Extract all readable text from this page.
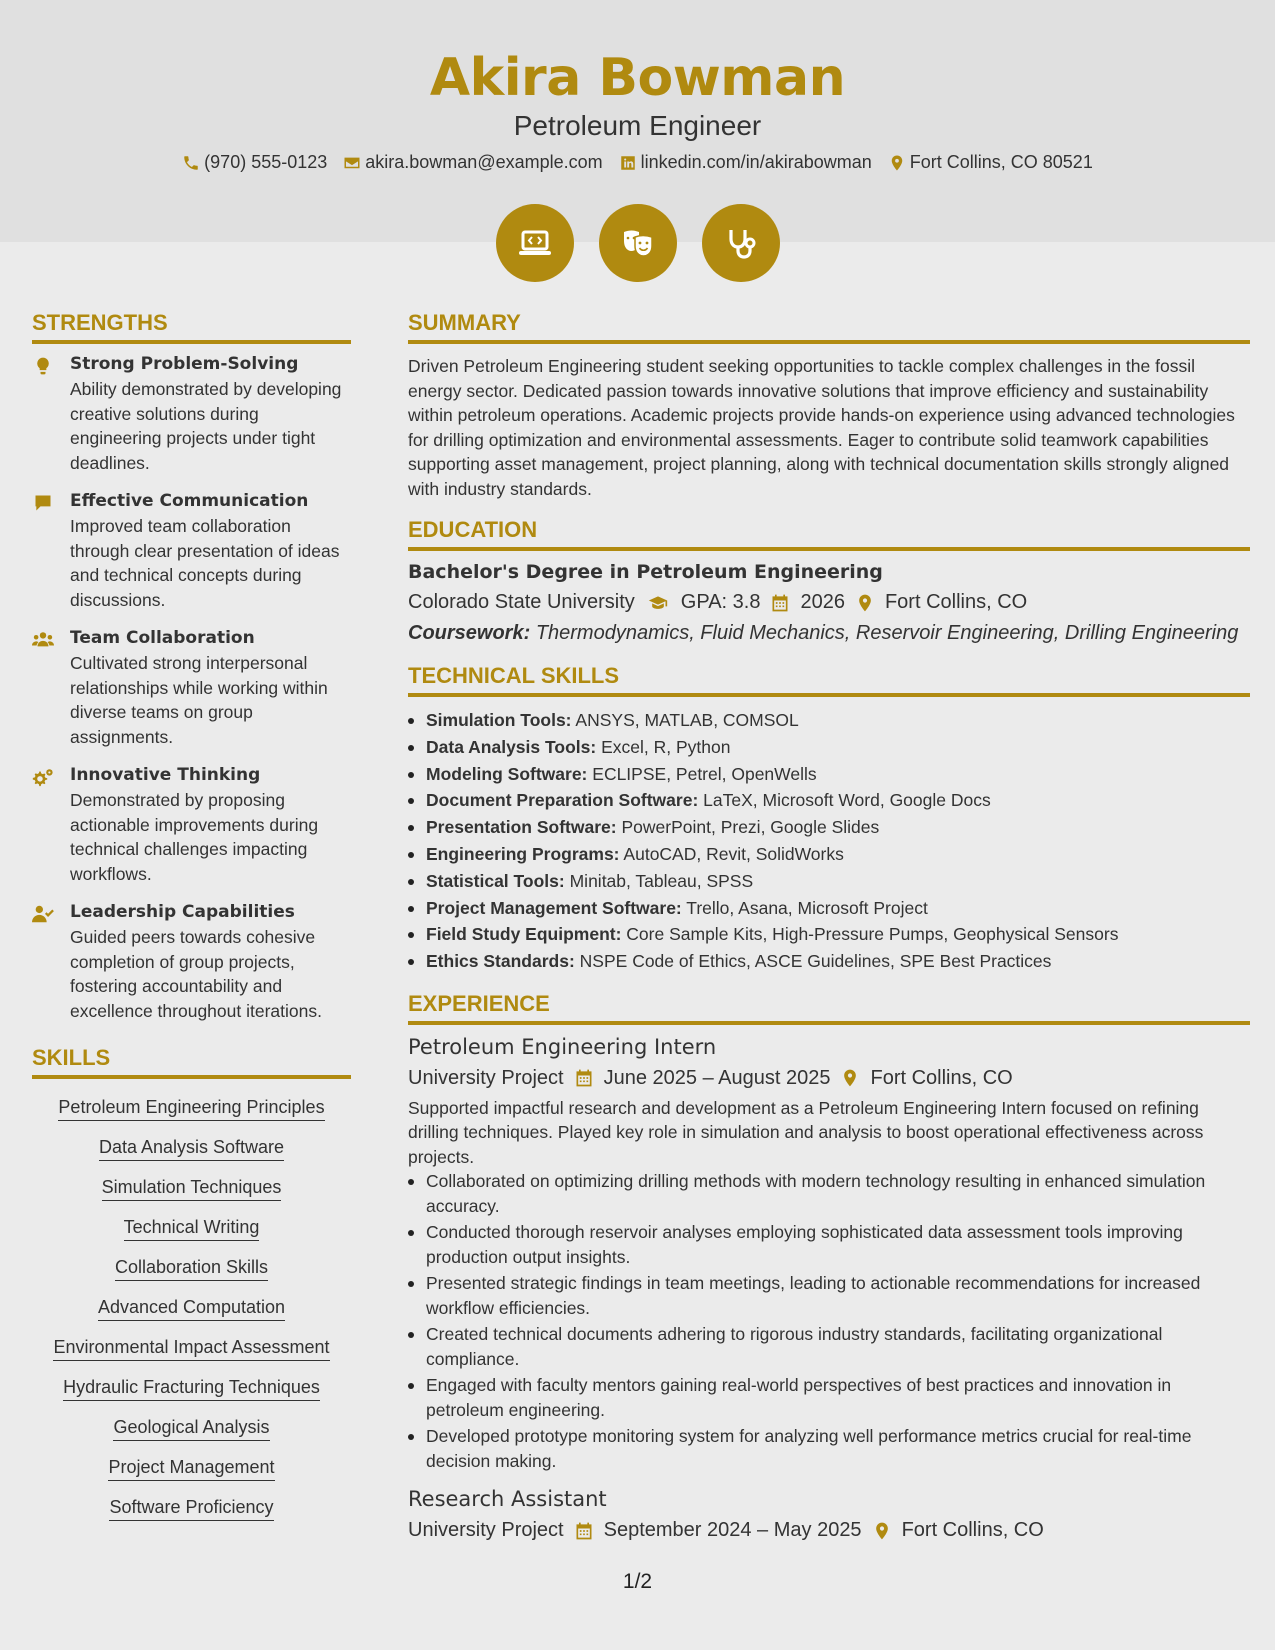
Akira Bowman
Petroleum Engineer
(970) 555-0123 akira.bowman@example.com linkedin.com/in/akirabowman Fort Collins, CO 80521
STRENGTHS
Strong Problem-Solving
Ability demonstrated by developing creative solutions during engineering projects under tight deadlines.
Effective Communication
Improved team collaboration through clear presentation of ideas and technical concepts during discussions.
Team Collaboration
Cultivated strong interpersonal relationships while working within diverse teams on group assignments.
Innovative Thinking
Demonstrated by proposing actionable improvements during technical challenges impacting workflows.
Leadership Capabilities
Guided peers towards cohesive completion of group projects, fostering accountability and excellence throughout iterations.
SKILLS
Petroleum Engineering Principles
Data Analysis Software
Simulation Techniques
Technical Writing
Collaboration Skills
Advanced Computation
Environmental Impact Assessment
Hydraulic Fracturing Techniques
Geological Analysis
Project Management
Software Proficiency
SUMMARY
Driven Petroleum Engineering student seeking opportunities to tackle complex challenges in the fossil energy sector. Dedicated passion towards innovative solutions that improve efficiency and sustainability within petroleum operations. Academic projects provide hands-on experience using advanced technologies for drilling optimization and environmental assessments. Eager to contribute solid teamwork capabilities supporting asset management, project planning, along with technical documentation skills strongly aligned with industry standards.
EDUCATION
Bachelor's Degree in Petroleum Engineering
Colorado State University GPA: 3.8 2026 Fort Collins, CO
Coursework: Thermodynamics, Fluid Mechanics, Reservoir Engineering, Drilling Engineering
TECHNICAL SKILLS
Simulation Tools: ANSYS, MATLAB, COMSOL
Data Analysis Tools: Excel, R, Python
Modeling Software: ECLIPSE, Petrel, OpenWells
Document Preparation Software: LaTeX, Microsoft Word, Google Docs
Presentation Software: PowerPoint, Prezi, Google Slides
Engineering Programs: AutoCAD, Revit, SolidWorks
Statistical Tools: Minitab, Tableau, SPSS
Project Management Software: Trello, Asana, Microsoft Project
Field Study Equipment: Core Sample Kits, High-Pressure Pumps, Geophysical Sensors
Ethics Standards: NSPE Code of Ethics, ASCE Guidelines, SPE Best Practices
EXPERIENCE
Petroleum Engineering Intern
University Project June 2025 – August 2025 Fort Collins, CO
Supported impactful research and development as a Petroleum Engineering Intern focused on refining drilling techniques. Played key role in simulation and analysis to boost operational effectiveness across projects.
Collaborated on optimizing drilling methods with modern technology resulting in enhanced simulation accuracy.
Conducted thorough reservoir analyses employing sophisticated data assessment tools improving production output insights.
Presented strategic findings in team meetings, leading to actionable recommendations for increased workflow efficiencies.
Created technical documents adhering to rigorous industry standards, facilitating organizational compliance.
Engaged with faculty mentors gaining real-world perspectives of best practices and innovation in petroleum engineering.
Developed prototype monitoring system for analyzing well performance metrics crucial for real-time decision making.
Research Assistant
University Project September 2024 – May 2025 Fort Collins, CO
1/2
